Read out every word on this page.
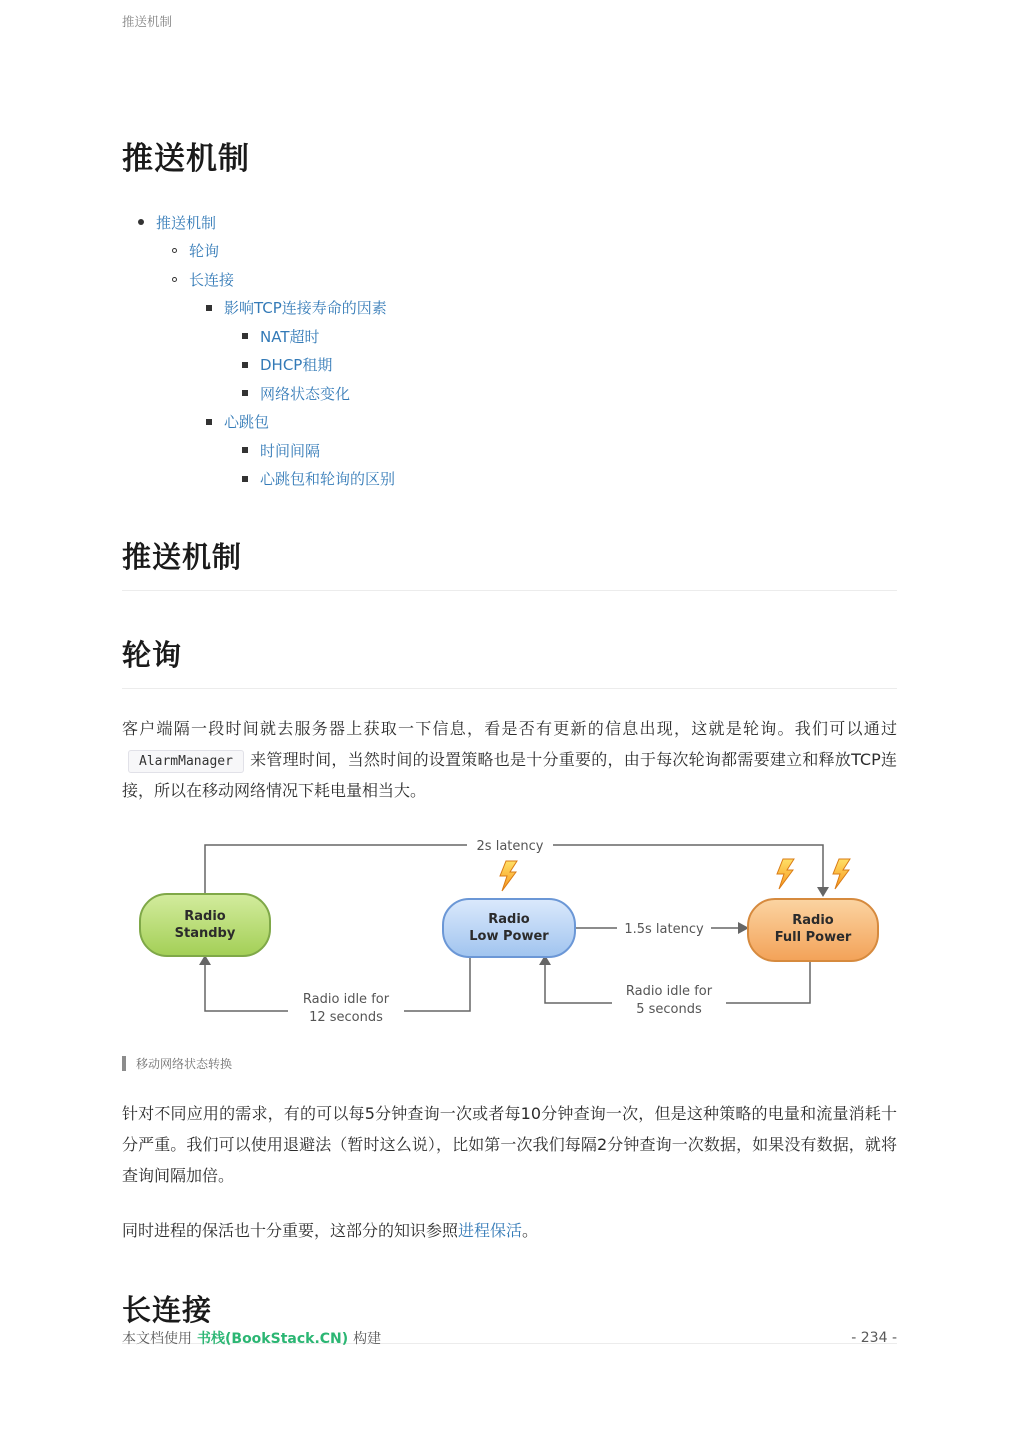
推送机制
推送机制
推送机制
轮询
长连接
影响TCP连接寿命的因素
NAT超时
DHCP租期
网络状态变化
心跳包
时间间隔
心跳包和轮询的区别
推送机制
轮询

客户端隔一段时间就去服务器上获取一下信息，看是否有更新的信息出现，这就是轮询。我们可以通过AlarmManager 来管理时间，当然时间的设置策略也是十分重要的，由于每次轮询都需要建立和释放TCP连接，所以在移动网络情况下耗电量相当大。

2s latency
1.5s latency
Radio idle for
12 seconds
Radio idle for
5 seconds
Radio
Standby
Radio
Low Power
Radio
Full Power
移动网络状态转换

针对不同应用的需求，有的可以每5分钟查询一次或者每10分钟查询一次，但是这种策略的电量和流量消耗十分严重。我们可以使用退避法（暂时这么说），比如第一次我们每隔2分钟查询一次数据，如果没有数据，就将查询间隔加倍。

同时进程的保活也十分重要，这部分的知识参照进程保活。

长连接
本文档使用 书栈(BookStack.CN) 构建	- 234 -
